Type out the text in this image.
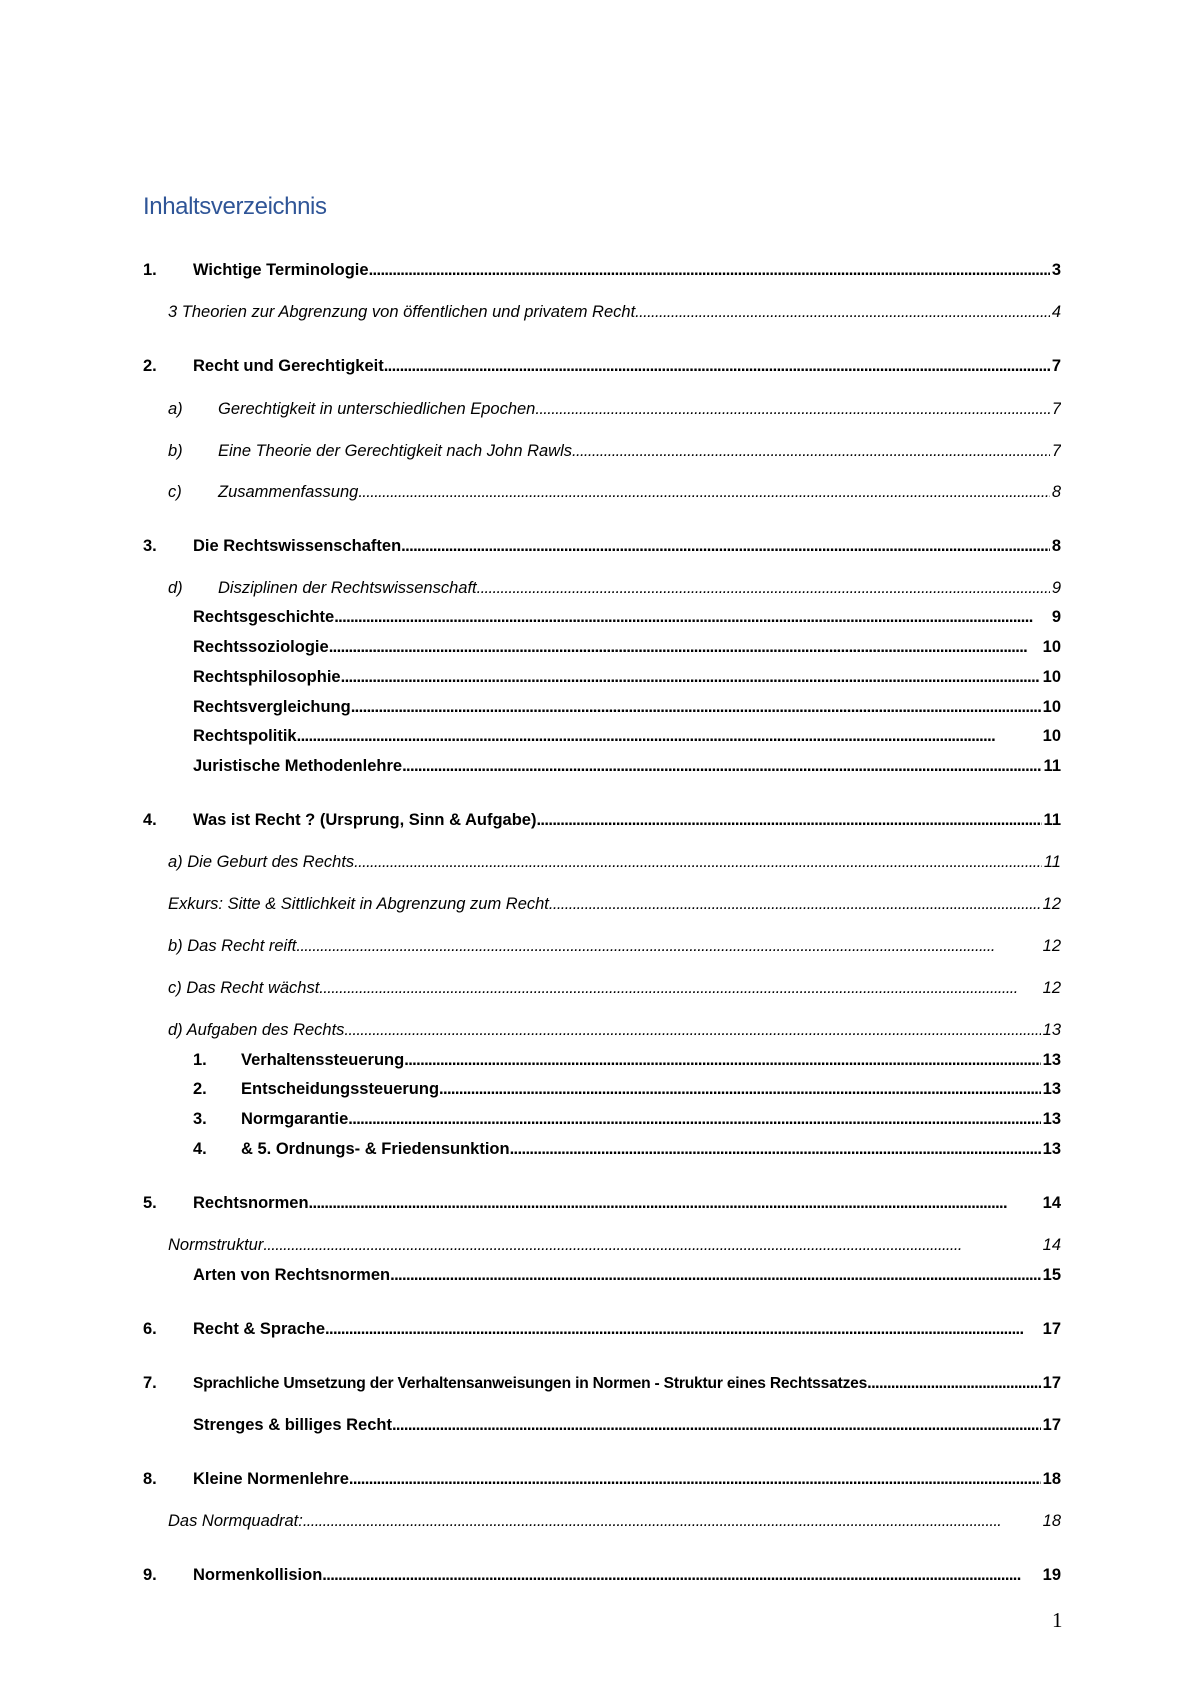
Inhaltsverzeichnis
1.	Wichtige Terminologie . . .	3
3 Theorien zur Abgrenzung von öffentlichen und privatem Recht . . .	4
2.	Recht und Gerechtigkeit . . .	7
a)	Gerechtigkeit in unterschiedlichen Epochen . . .	7
b)	Eine Theorie der Gerechtigkeit nach John Rawls . . .	7
c)	Zusammenfassung . . .	8
3.	Die Rechtswissenschaften . . .	8
d)	Disziplinen der Rechtswissenschaft . . .	9
Rechtsgeschichte . . .	9
Rechtssoziologie . . .	10
Rechtsphilosophie . . .	10
Rechtsvergleichung . . .	10
Rechtspolitik . . .	10
Juristische Methodenlehre . . .	11
4.	Was ist Recht ? (Ursprung, Sinn & Aufgabe) . . .	11
a) Die Geburt des Rechts . . .	11
Exkurs: Sitte & Sittlichkeit in Abgrenzung zum Recht . . .	12
b) Das Recht reift . . .	12
c) Das Recht wächst . . .	12
d) Aufgaben des Rechts . . .	13
1.	Verhaltenssteuerung . . .	13
2.	Entscheidungssteuerung . . .	13
3.	Normgarantie . . .	13
4.	& 5. Ordnungs- & Friedensunktion . . .	13
5.	Rechtsnormen . . .	14
Normstruktur . . .	14
Arten von Rechtsnormen . . .	15
6.	Recht & Sprache . . .	17
7.	Sprachliche Umsetzung der Verhaltensanweisungen in Normen - Struktur eines Rechtssatzes . . .	17
Strenges & billiges Recht . . .	17
8.	Kleine Normenlehre . . .	18
Das Normquadrat: . . .	18
9.	Normenkollision . . .	19
1
